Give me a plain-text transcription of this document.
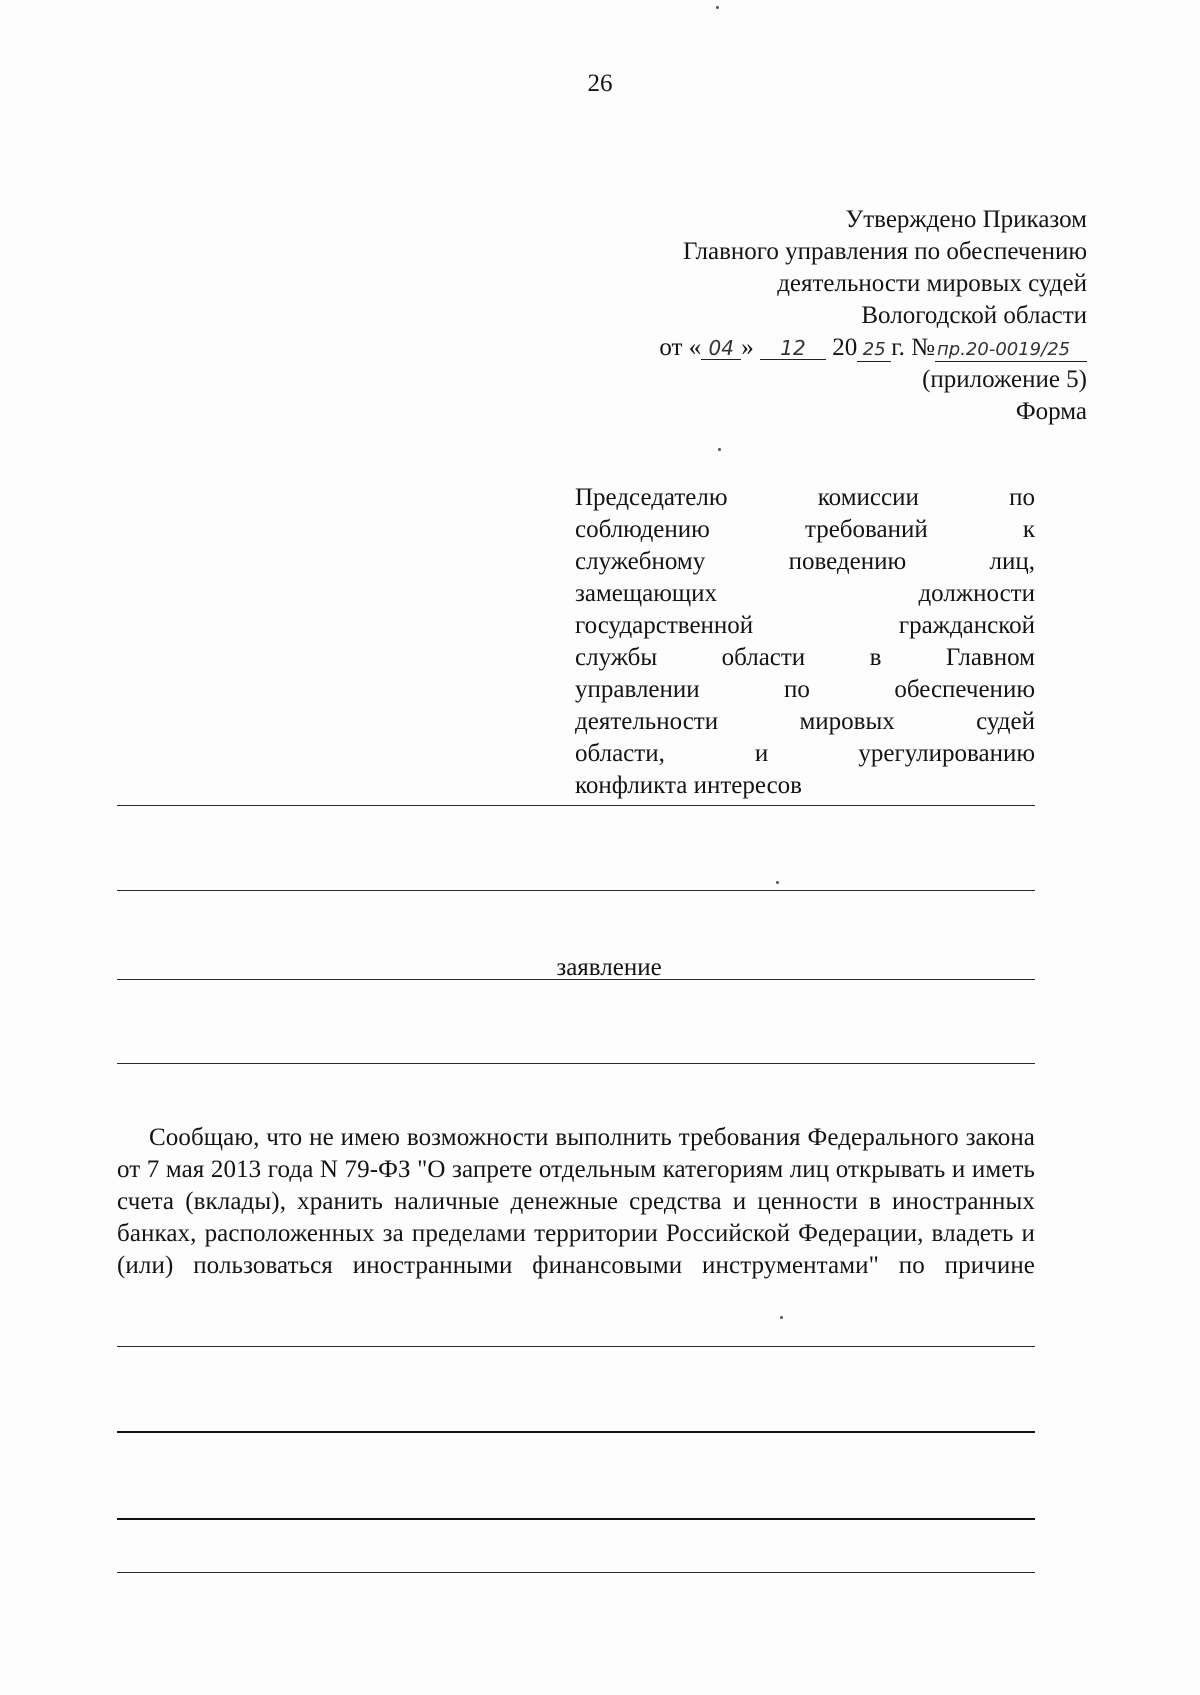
26
Утверждено Приказом
Главного управления по обеспечению
деятельности мировых судей
Вологодской области
от « 04 » 12 20 25 г. № пр.20-0019/25
(приложение 5)
Форма
Председателю комиссии по
соблюдению требований к
служебному поведению лиц,
замещающих должности
государственной гражданской
службы области в Главном
управлении по обеспечению
деятельности мировых судей
области, и урегулированию
конфликта интересов
заявление
Сообщаю, что не имею возможности выполнить требования Федерального закона от 7 мая 2013 года N 79-ФЗ "О запрете отдельным категориям лиц открывать и иметь счета (вклады), хранить наличные денежные средства и ценности в иностранных банках, расположенных за пределами территории Российской Федерации, владеть и (или) пользоваться иностранными финансовыми инструментами" по причине
